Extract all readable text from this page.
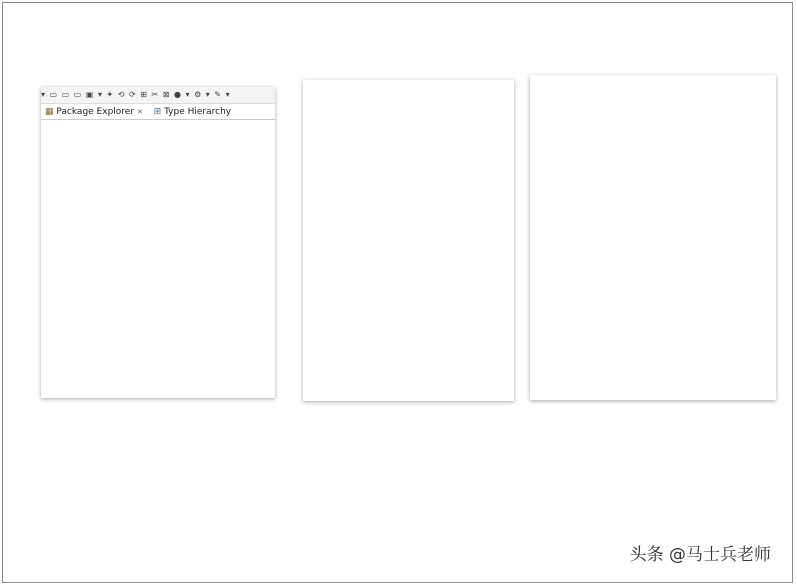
▾ ▭ ▭ ▭ ▣ ▾ ✦ ⟲ ⟳ ⊞ ✂ ⊠ ● ▾ ⚙ ▾ ✎ ▾
▦ Package Explorer ✕ ⊞ Type Hierarchy
头条 @马士兵老师
